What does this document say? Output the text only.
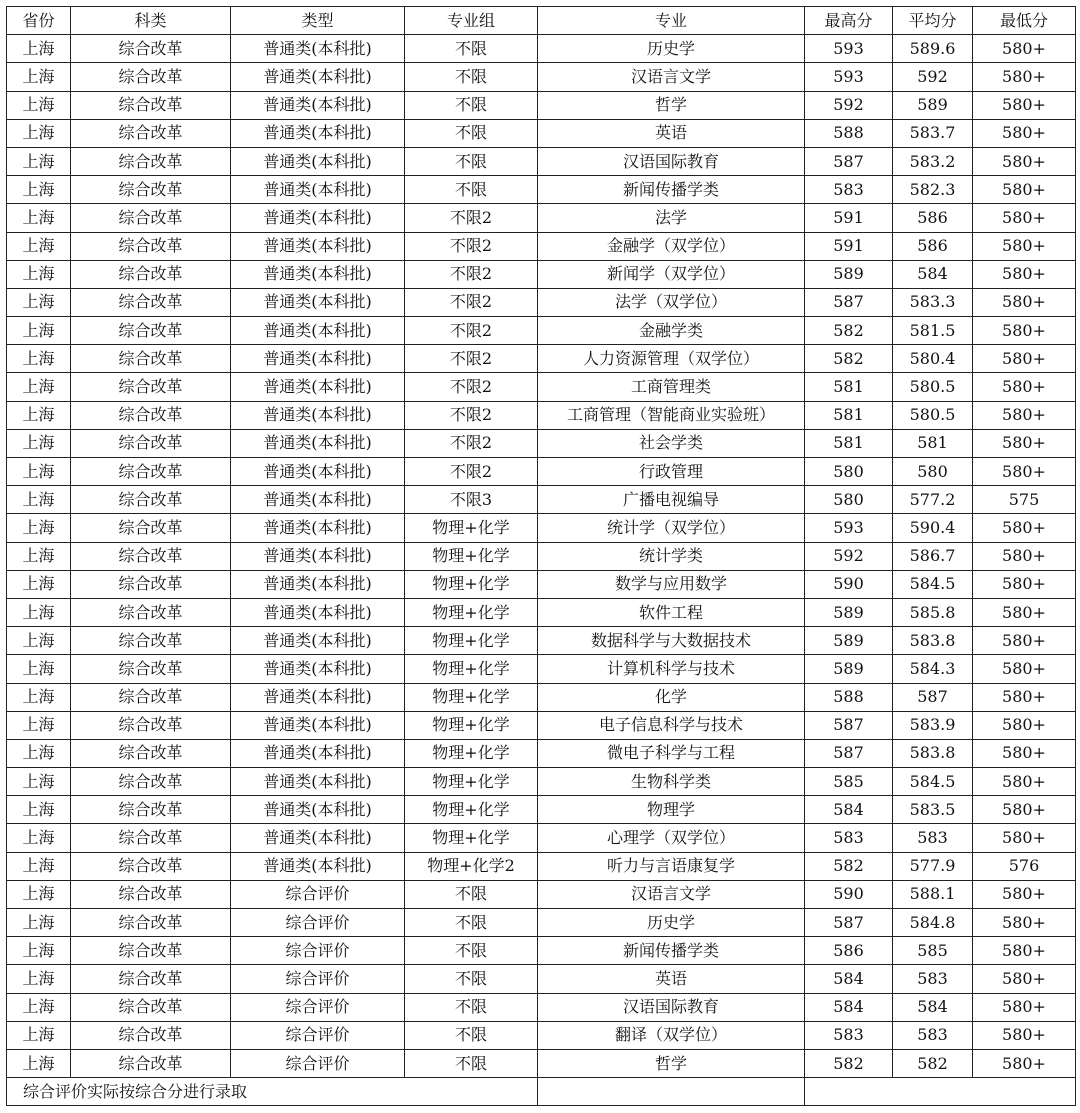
省份	科类	类型	专业组	专业	最高分	平均分	最低分
上海	综合改革	普通类(本科批)	不限	历史学	593	589.6	580+
上海	综合改革	普通类(本科批)	不限	汉语言文学	593	592	580+
上海	综合改革	普通类(本科批)	不限	哲学	592	589	580+
上海	综合改革	普通类(本科批)	不限	英语	588	583.7	580+
上海	综合改革	普通类(本科批)	不限	汉语国际教育	587	583.2	580+
上海	综合改革	普通类(本科批)	不限	新闻传播学类	583	582.3	580+
上海	综合改革	普通类(本科批)	不限2	法学	591	586	580+
上海	综合改革	普通类(本科批)	不限2	金融学（双学位）	591	586	580+
上海	综合改革	普通类(本科批)	不限2	新闻学（双学位）	589	584	580+
上海	综合改革	普通类(本科批)	不限2	法学（双学位）	587	583.3	580+
上海	综合改革	普通类(本科批)	不限2	金融学类	582	581.5	580+
上海	综合改革	普通类(本科批)	不限2	人力资源管理（双学位）	582	580.4	580+
上海	综合改革	普通类(本科批)	不限2	工商管理类	581	580.5	580+
上海	综合改革	普通类(本科批)	不限2	工商管理（智能商业实验班）	581	580.5	580+
上海	综合改革	普通类(本科批)	不限2	社会学类	581	581	580+
上海	综合改革	普通类(本科批)	不限2	行政管理	580	580	580+
上海	综合改革	普通类(本科批)	不限3	广播电视编导	580	577.2	575
上海	综合改革	普通类(本科批)	物理+化学	统计学（双学位）	593	590.4	580+
上海	综合改革	普通类(本科批)	物理+化学	统计学类	592	586.7	580+
上海	综合改革	普通类(本科批)	物理+化学	数学与应用数学	590	584.5	580+
上海	综合改革	普通类(本科批)	物理+化学	软件工程	589	585.8	580+
上海	综合改革	普通类(本科批)	物理+化学	数据科学与大数据技术	589	583.8	580+
上海	综合改革	普通类(本科批)	物理+化学	计算机科学与技术	589	584.3	580+
上海	综合改革	普通类(本科批)	物理+化学	化学	588	587	580+
上海	综合改革	普通类(本科批)	物理+化学	电子信息科学与技术	587	583.9	580+
上海	综合改革	普通类(本科批)	物理+化学	微电子科学与工程	587	583.8	580+
上海	综合改革	普通类(本科批)	物理+化学	生物科学类	585	584.5	580+
上海	综合改革	普通类(本科批)	物理+化学	物理学	584	583.5	580+
上海	综合改革	普通类(本科批)	物理+化学	心理学（双学位）	583	583	580+
上海	综合改革	普通类(本科批)	物理+化学2	听力与言语康复学	582	577.9	576
上海	综合改革	综合评价	不限	汉语言文学	590	588.1	580+
上海	综合改革	综合评价	不限	历史学	587	584.8	580+
上海	综合改革	综合评价	不限	新闻传播学类	586	585	580+
上海	综合改革	综合评价	不限	英语	584	583	580+
上海	综合改革	综合评价	不限	汉语国际教育	584	584	580+
上海	综合改革	综合评价	不限	翻译（双学位）	583	583	580+
上海	综合改革	综合评价	不限	哲学	582	582	580+
综合评价实际按综合分进行录取							
